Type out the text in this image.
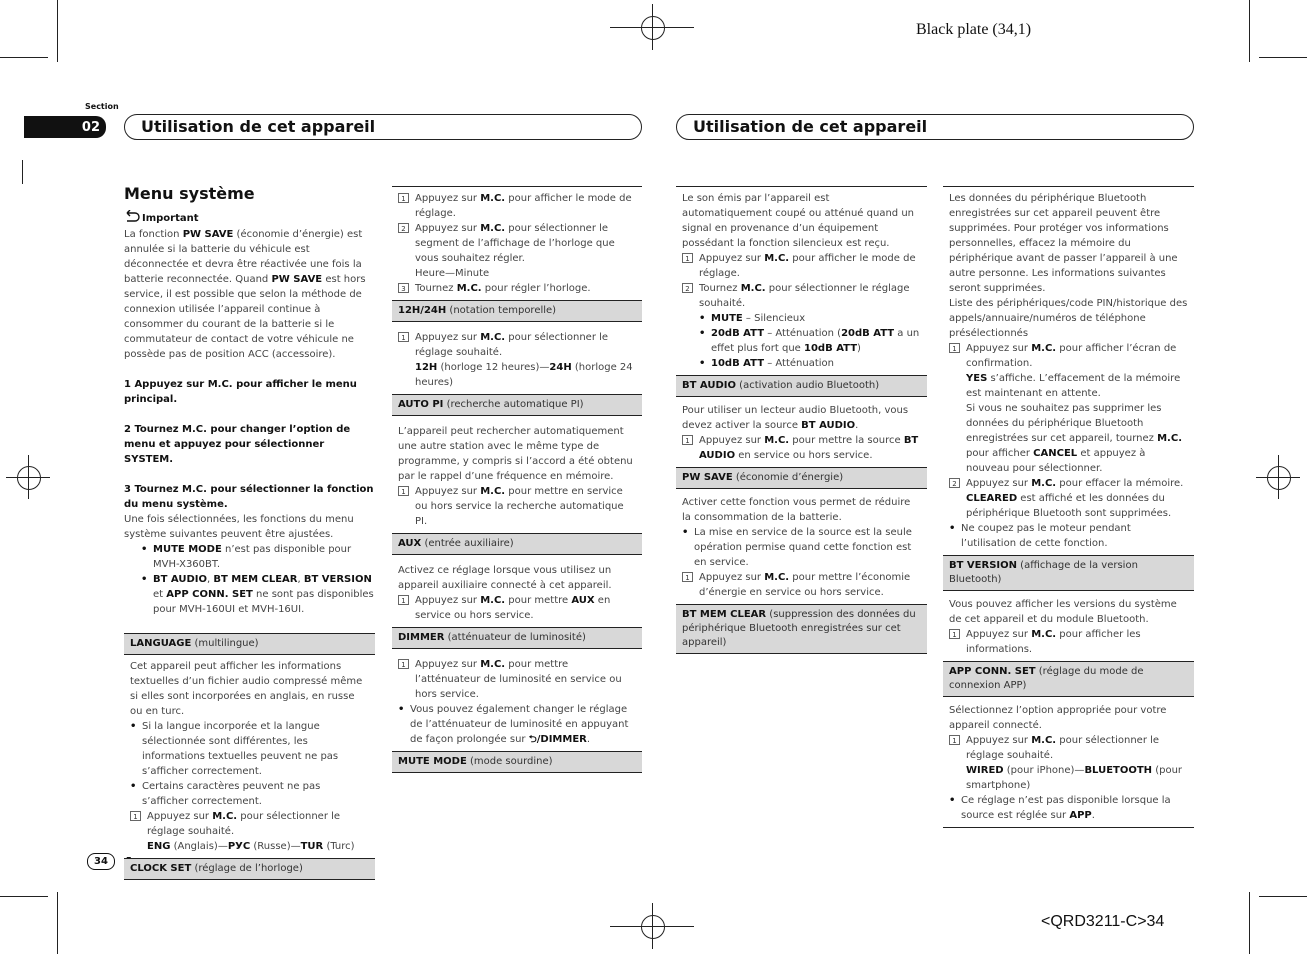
Black plate (34,1)
<QRD3211-C>34
Section
02	Utilisation de cet appareil	Utilisation de cet appareil
34
Menu système
Important
La fonction PW SAVE (économie d’énergie) est annulée si la batterie du véhicule est déconnectée et devra être réactivée une fois la batterie reconnectée. Quand PW SAVE est hors service, il est possible que selon la méthode de connexion utilisée l’appareil continue à consommer du courant de la batterie si le commutateur de contact de votre véhicule ne possède pas de position ACC (accessoire).
1 Appuyez sur M.C. pour afficher le menu principal.
2 Tournez M.C. pour changer l’option de menu et appuyez pour sélectionner SYSTEM.
3 Tournez M.C. pour sélectionner la fonction du menu système.
Une fois sélectionnées, les fonctions du menu système suivantes peuvent être ajustées.
• MUTE MODE n’est pas disponible pour MVH-X360BT.
• BT AUDIO, BT MEM CLEAR, BT VERSION et APP CONN. SET ne sont pas disponibles pour MVH-160UI et MVH-16UI.
LANGUAGE (multilingue)
Cet appareil peut afficher les informations textuelles d’un fichier audio compressé même si elles sont incorporées en anglais, en russe ou en turc.
• Si la langue incorporée et la langue sélectionnée sont différentes, les informations textuelles peuvent ne pas s’afficher correctement.
• Certains caractères peuvent ne pas s’afficher correctement.
1 Appuyez sur M.C. pour sélectionner le réglage souhaité.
ENG (Anglais)—РУС (Russe)—TUR (Turc)
CLOCK SET (réglage de l’horloge)
1 Appuyez sur M.C. pour afficher le mode de réglage.
2 Appuyez sur M.C. pour sélectionner le segment de l’affichage de l’horloge que vous souhaitez régler.
Heure—Minute
3 Tournez M.C. pour régler l’horloge.
12H/24H (notation temporelle)
1 Appuyez sur M.C. pour sélectionner le réglage souhaité.
12H (horloge 12 heures)—24H (horloge 24 heures)
AUTO PI (recherche automatique PI)
L’appareil peut rechercher automatiquement une autre station avec le même type de programme, y compris si l’accord a été obtenu par le rappel d’une fréquence en mémoire.
1 Appuyez sur M.C. pour mettre en service ou hors service la recherche automatique PI.
AUX (entrée auxiliaire)
Activez ce réglage lorsque vous utilisez un appareil auxiliaire connecté à cet appareil.
1 Appuyez sur M.C. pour mettre AUX en service ou hors service.
DIMMER (atténuateur de luminosité)
1 Appuyez sur M.C. pour mettre l’atténuateur de luminosité en service ou hors service.
• Vous pouvez également changer le réglage de l’atténuateur de luminosité en appuyant de façon prolongée sur ⮌/DIMMER.
MUTE MODE (mode sourdine)
Le son émis par l’appareil est automatiquement coupé ou atténué quand un signal en provenance d’un équipement possédant la fonction silencieux est reçu.
1 Appuyez sur M.C. pour afficher le mode de réglage.
2 Tournez M.C. pour sélectionner le réglage souhaité.
• MUTE – Silencieux
• 20dB ATT – Atténuation (20dB ATT a un effet plus fort que 10dB ATT)
• 10dB ATT – Atténuation
BT AUDIO (activation audio Bluetooth)
Pour utiliser un lecteur audio Bluetooth, vous devez activer la source BT AUDIO.
1 Appuyez sur M.C. pour mettre la source BT AUDIO en service ou hors service.
PW SAVE (économie d’énergie)
Activer cette fonction vous permet de réduire la consommation de la batterie.
• La mise en service de la source est la seule opération permise quand cette fonction est en service.
1 Appuyez sur M.C. pour mettre l’économie d’énergie en service ou hors service.
BT MEM CLEAR (suppression des données du périphérique Bluetooth enregistrées sur cet appareil)
Les données du périphérique Bluetooth enregistrées sur cet appareil peuvent être supprimées. Pour protéger vos informations personnelles, effacez la mémoire du périphérique avant de passer l’appareil à une autre personne. Les informations suivantes seront supprimées.
Liste des périphériques/code PIN/historique des appels/annuaire/numéros de téléphone présélectionnés
1 Appuyez sur M.C. pour afficher l’écran de confirmation.
YES s’affiche. L’effacement de la mémoire est maintenant en attente.
Si vous ne souhaitez pas supprimer les données du périphérique Bluetooth enregistrées sur cet appareil, tournez M.C. pour afficher CANCEL et appuyez à nouveau pour sélectionner.
2 Appuyez sur M.C. pour effacer la mémoire.
CLEARED est affiché et les données du périphérique Bluetooth sont supprimées.
• Ne coupez pas le moteur pendant l’utilisation de cette fonction.
BT VERSION (affichage de la version Bluetooth)
Vous pouvez afficher les versions du système de cet appareil et du module Bluetooth.
1 Appuyez sur M.C. pour afficher les informations.
APP CONN. SET (réglage du mode de connexion APP)
Sélectionnez l’option appropriée pour votre appareil connecté.
1 Appuyez sur M.C. pour sélectionner le réglage souhaité.
WIRED (pour iPhone)—BLUETOOTH (pour smartphone)
• Ce réglage n’est pas disponible lorsque la source est réglée sur APP.
